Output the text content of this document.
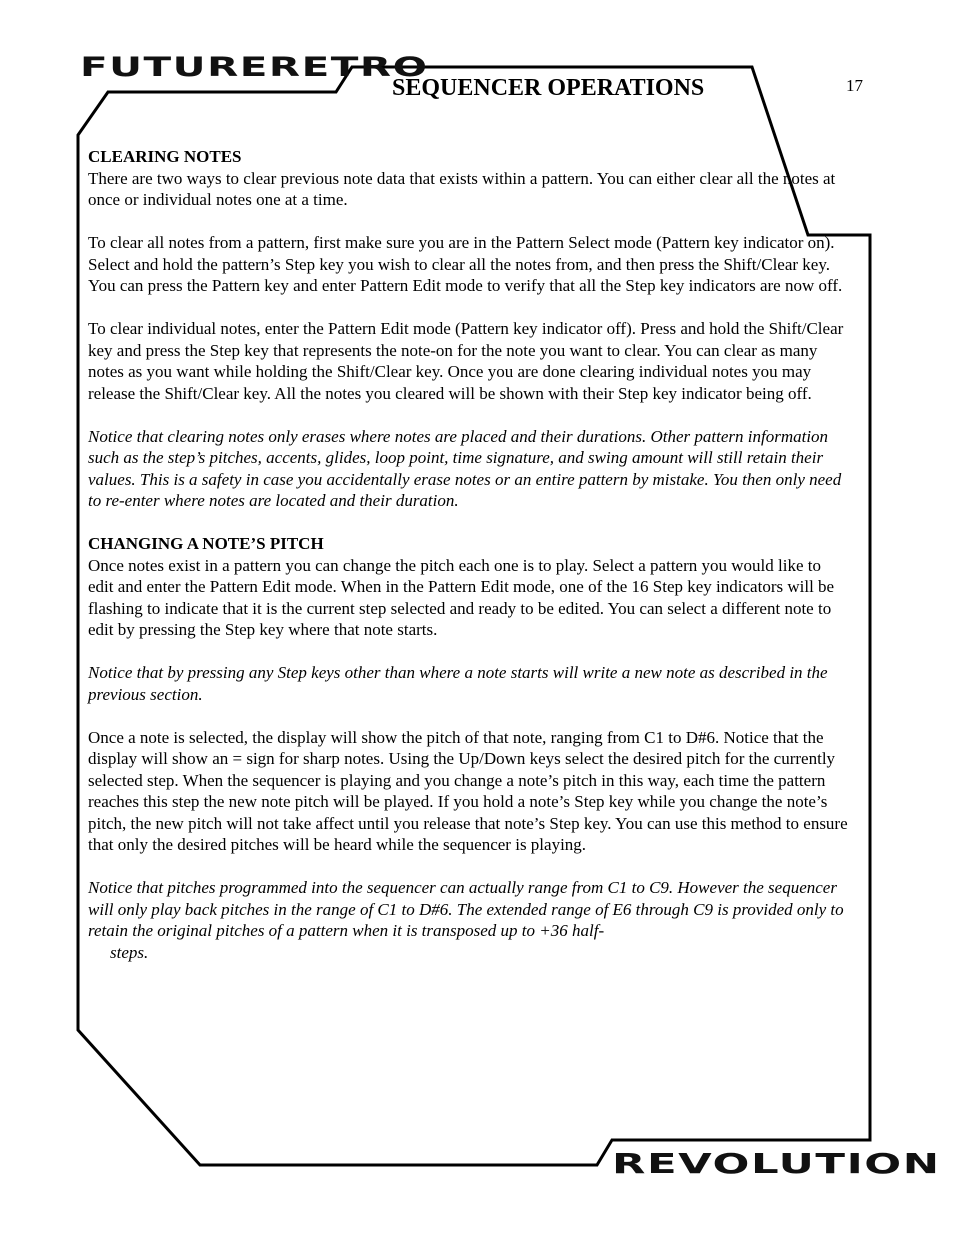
FUTURERETRO
SEQUENCER OPERATIONS	17
CLEARING NOTES

There are two ways to clear previous note data that exists within a pattern. You can either clear all the notes at once or individual notes one at a time.

To clear all notes from a pattern, first make sure you are in the Pattern Select mode (Pattern key indicator on). Select and hold the pattern’s Step key you wish to clear all the notes from, and then press the Shift/Clear key. You can press the Pattern key and enter Pattern Edit mode to verify that all the Step key indicators are now off.

To clear individual notes, enter the Pattern Edit mode (Pattern key indicator off). Press and hold the Shift/Clear key and press the Step key that represents the note-on for the note you want to clear. You can clear as many notes as you want while holding the Shift/Clear key. Once you are done clearing individual notes you may release the Shift/Clear key. All the notes you cleared will be shown with their Step key indicator being off.

Notice that clearing notes only erases where notes are placed and their durations. Other pattern information such as the step’s pitches, accents, glides, loop point, time signature, and swing amount will still retain their values. This is a safety in case you accidentally erase notes or an entire pattern by mistake. You then only need to re-enter where notes are located and their duration.

CHANGING A NOTE’S PITCH

Once notes exist in a pattern you can change the pitch each one is to play. Select a pattern you would like to edit and enter the Pattern Edit mode. When in the Pattern Edit mode, one of the 16 Step key indicators will be flashing to indicate that it is the current step selected and ready to be edited. You can select a different note to edit by pressing the Step key where that note starts.

Notice that by pressing any Step keys other than where a note starts will write a new note as described in the previous section.

Once a note is selected, the display will show the pitch of that note, ranging from C1 to D#6. Notice that the display will show an = sign for sharp notes. Using the Up/Down keys select the desired pitch for the currently selected step. When the sequencer is playing and you change a note’s pitch in this way, each time the pattern reaches this step the new note pitch will be played. If you hold a note’s Step key while you change the note’s pitch, the new pitch will not take affect until you release that note’s Step key. You can use this method to ensure that only the desired pitches will be heard while the sequencer is playing.

Notice that pitches programmed into the sequencer can actually range from C1 to C9. However the sequencer will only play back pitches in the range of C1 to D#6. The extended range of E6 through C9 is provided only to retain the original pitches of a pattern when it is transposed up to +36 half-
steps.

REVOLUTION
